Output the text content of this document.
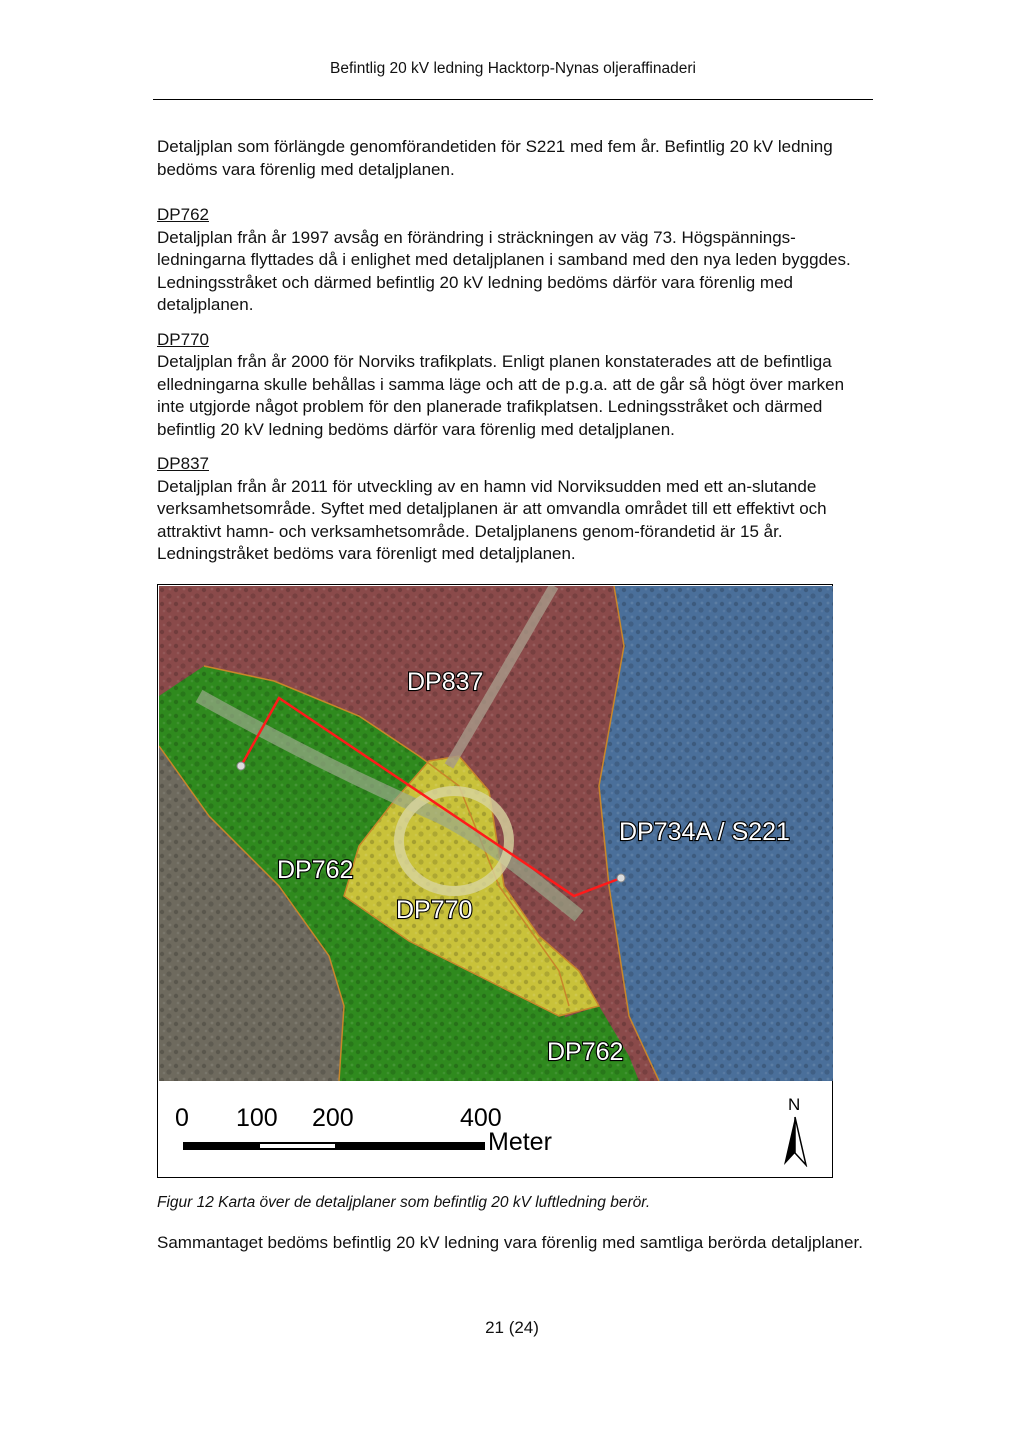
Befintlig 20 kV ledning Hacktorp-Nynas oljeraffinaderi

Detaljplan som förlängde genomförandetiden för S221 med fem år. Befintlig 20 kV ledning bedöms vara förenlig med detaljplanen.

DP762

Detaljplan från år 1997 avsåg en förändring i sträckningen av väg 73. Högspännings-ledningarna flyttades då i enlighet med detaljplanen i samband med den nya leden byggdes. Ledningsstråket och därmed befintlig 20 kV ledning bedöms därför vara förenlig med detaljplanen.

DP770

Detaljplan från år 2000 för Norviks trafikplats. Enligt planen konstaterades att de befintliga elledningarna skulle behållas i samma läge och att de p.g.a. att de går så högt över marken inte utgjorde något problem för den planerade trafikplatsen. Ledningsstråket och därmed befintlig 20 kV ledning bedöms därför vara förenlig med detaljplanen.

DP837

Detaljplan från år 2011 för utveckling av en hamn vid Norviksudden med ett an-slutande verksamhetsområde. Syftet med detaljplanen är att omvandla området till ett effektivt och attraktivt hamn- och verksamhetsområde. Detaljplanens genom-förandetid är 15 år. Ledningstråket bedöms vara förenligt med detaljplanen.

DP837
DP762
DP770
DP734A / S221
DP762
0 100 200	400
Meter
N
Figur 12 Karta över de detaljplaner som befintlig 20 kV luftledning berör.

Sammantaget bedöms befintlig 20 kV ledning vara förenlig med samtliga berörda detaljplaner.

21 (24)
